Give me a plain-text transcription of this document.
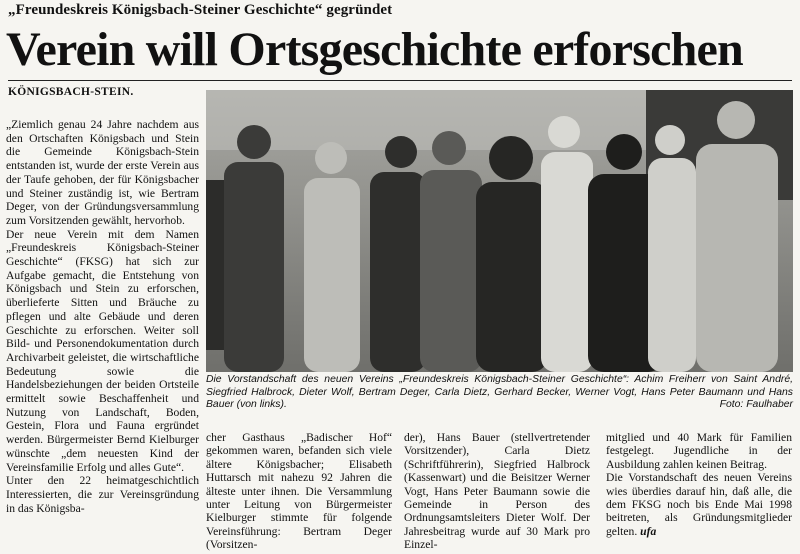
„Freundeskreis Königsbach-Steiner Geschichte“ gegründet
Verein will Ortsgeschichte erforschen
KÖNIGSBACH-STEIN.

„Ziemlich genau 24 Jahre nachdem aus den Ortschaften Königsbach und Stein die Gemeinde Königsbach-Stein entstanden ist, wurde der erste Verein aus der Taufe gehoben, der für Königsbacher und Steiner zuständig ist, wie Bertram Deger, von der Gründungsversammlung zum Vorsitzenden gewählt, hervorhob.

Der neue Verein mit dem Namen „Freundeskreis Königsbach-Steiner Geschichte“ (FKSG) hat sich zur Aufgabe gemacht, die Entstehung von Königsbach und Stein zu erforschen, überlieferte Sitten und Bräuche zu pflegen und alte Gebäude und deren Geschichte zu erforschen. Weiter soll Bild- und Personendokumentation durch Archivarbeit geleistet, die wirtschaftliche Bedeutung sowie die Handelsbeziehungen der beiden Ortsteile ermittelt sowie Beschaffenheit und Nutzung von Landschaft, Boden, Gestein, Flora und Fauna ergründet werden. Bürgermeister Bernd Kielburger wünschte „dem neuesten Kind der Vereinsfamilie Erfolg und alles Gute“.

Unter den 22 heimatgeschichtlich Interessierten, die zur Vereinsgründung in das Königsba-

Die Vorstandschaft des neuen Vereins „Freundeskreis Königsbach-Steiner Geschichte“: Achim Freiherr von Saint André, Siegfried Halbrock, Dieter Wolf, Bertram Deger, Carla Dietz, Gerhard Becker, Werner Vogt, Hans Peter Baumann und Hans Bauer (von links).	Foto: Faulhaber

cher Gasthaus „Badischer Hof“ gekommen waren, befanden sich viele ältere Königsbacher; Elisabeth Huttarsch mit nahezu 92 Jahren die älteste unter ihnen. Die Versammlung unter Leitung von Bürgermeister Kielburger stimmte für folgende Vereinsführung: Bertram Deger (Vorsitzen-

der), Hans Bauer (stellvertretender Vorsitzender), Carla Dietz (Schriftführerin), Siegfried Halbrock (Kassenwart) und die Beisitzer Werner Vogt, Hans Peter Baumann sowie die Gemeinde in Person des Ordnungsamtsleiters Dieter Wolf. Der Jahresbeitrag wurde auf 30 Mark pro Einzel-

mitglied und 40 Mark für Familien festgelegt. Jugendliche in der Ausbildung zahlen keinen Beitrag.

Die Vorstandschaft des neuen Vereins wies überdies darauf hin, daß alle, die dem FKSG noch bis Ende Mai 1998 beitreten, als Gründungsmitglieder gelten. ufa
